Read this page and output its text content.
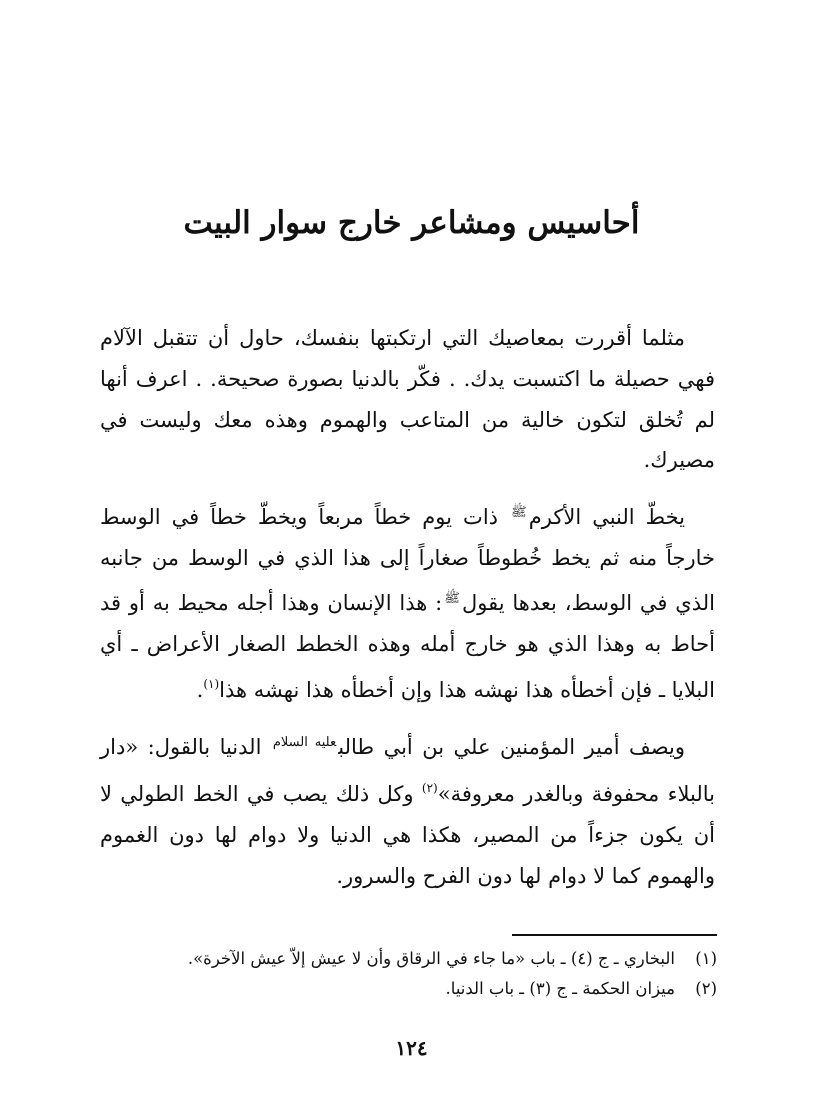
أحاسيس ومشاعر خارج سوار البيت

مثلما أقررت بمعاصيك التي ارتكبتها بنفسك، حاول أن تتقبل الآلام فهي حصيلة ما اكتسبت يدك. . فكّر بالدنيا بصورة صحيحة. . اعرف أنها لم تُخلق لتكون خالية من المتاعب والهموم وهذه معك وليست في مصيرك.

يخطّ النبي الأكرم$^ﷺ$ ذات يوم خطاً مربعاً ويخطّ خطاً في الوسط خارجاً منه ثم يخط خُطوطاً صغاراً إلى هذا الذي في الوسط من جانبه الذي في الوسط، بعدها يقول$^ﷺ$: هذا الإنسان وهذا أجله محيط به أو قد أحاط به وهذا الذي هو خارج أمله وهذه الخطط الصغار الأعراض ـ أي البلايا ـ فإن أخطأه هذا نهشه هذا وإن أخطأه هذا نهشه هذا$^{(١)}$.

ويصف أمير المؤمنين علي بن أبي طالب$^{عليه السلام}$ الدنيا بالقول: «دار بالبلاء محفوفة وبالغدر معروفة»$^{(٢)}$ وكل ذلك يصب في الخط الطولي لا أن يكون جزءاً من المصير، هكذا هي الدنيا ولا دوام لها دون الغموم والهموم كما لا دوام لها دون الفرح والسرور.

(١)
البخاري ـ ج (٤) ـ باب «ما جاء في الرقاق وأن لا عيش إلاّ عيش الآخرة».
(٢)
ميزان الحكمة ـ ج (٣) ـ باب الدنيا.
١٢٤
